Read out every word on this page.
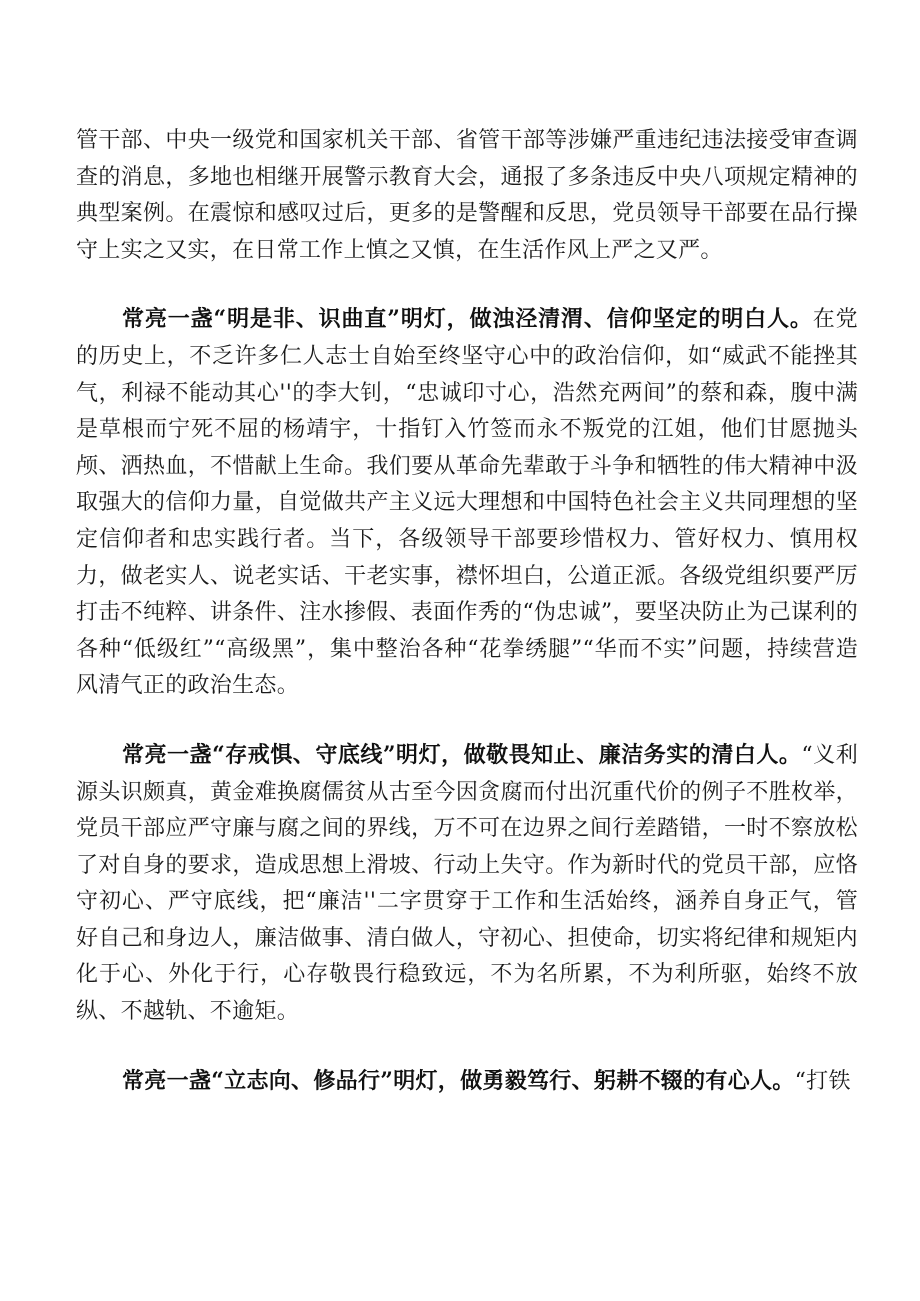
管干部、中央一级党和国家机关干部、省管干部等涉嫌严重违纪违法接受审查调查的消息，多地也相继开展警示教育大会，通报了多条违反中央八项规定精神的典型案例。在震惊和感叹过后，更多的是警醒和反思，党员领导干部要在品行操守上实之又实，在日常工作上慎之又慎，在生活作风上严之又严。

常亮一盏“明是非、识曲直”明灯，做浊泾清渭、信仰坚定的明白人。在党的历史上，不乏许多仁人志士自始至终坚守心中的政治信仰，如“威武不能挫其气，利禄不能动其心''的李大钊，“忠诚印寸心，浩然充两间”的蔡和森，腹中满是草根而宁死不屈的杨靖宇，十指钉入竹签而永不叛党的江姐，他们甘愿抛头颅、洒热血，不惜献上生命。我们要从革命先辈敢于斗争和牺牲的伟大精神中汲取强大的信仰力量，自觉做共产主义远大理想和中国特色社会主义共同理想的坚定信仰者和忠实践行者。当下，各级领导干部要珍惜权力、管好权力、慎用权力，做老实人、说老实话、干老实事，襟怀坦白，公道正派。各级党组织要严厉打击不纯粹、讲条件、注水掺假、表面作秀的“伪忠诚”，要坚决防止为己谋利的各种“低级红”“高级黑”，集中整治各种“花拳绣腿”“华而不实”问题，持续营造风清气正的政治生态。

常亮一盏“存戒惧、守底线”明灯，做敬畏知止、廉洁务实的清白人。“义利源头识颇真，黄金难换腐儒贫从古至今因贪腐而付出沉重代价的例子不胜枚举，党员干部应严守廉与腐之间的界线，万不可在边界之间行差踏错，一时不察放松了对自身的要求，造成思想上滑坡、行动上失守。作为新时代的党员干部，应恪守初心、严守底线，把“廉洁''二字贯穿于工作和生活始终，涵养自身正气，管好自己和身边人，廉洁做事、清白做人，守初心、担使命，切实将纪律和规矩内化于心、外化于行，心存敬畏行稳致远，不为名所累，不为利所驱，始终不放纵、不越轨、不逾矩。

常亮一盏“立志向、修品行”明灯，做勇毅笃行、躬耕不辍的有心人。“打铁
